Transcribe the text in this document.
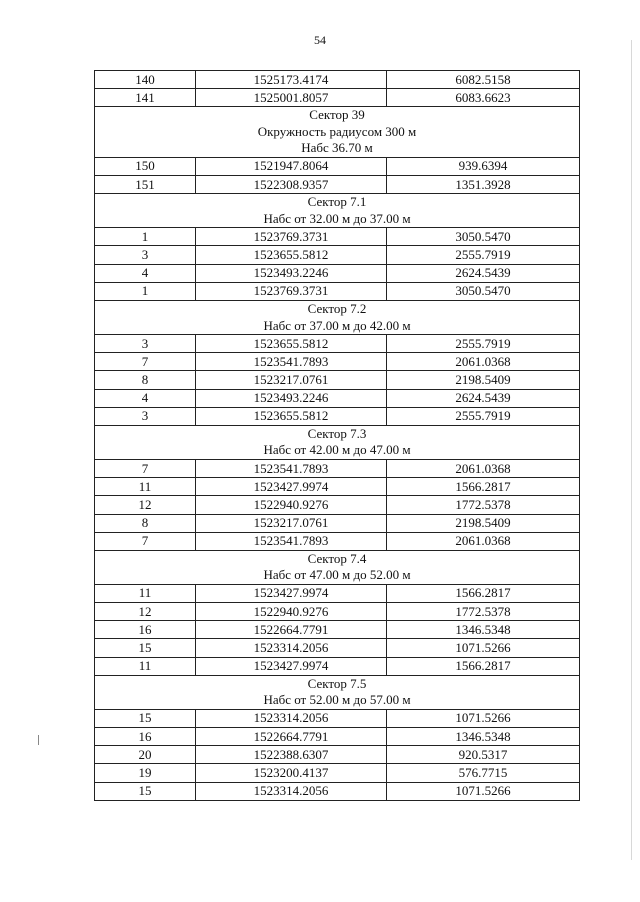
54
140	1525173.4174	6082.5158
141	1525001.8057	6083.6623

Сектор 39
Окружность радиусом 300 м
Набс 36.70 м		

150	1521947.8064	939.6394
151	1522308.9357	1351.3928

Сектор 7.1
Набс от 32.00 м до 37.00 м		

1	1523769.3731	3050.5470
3	1523655.5812	2555.7919
4	1523493.2246	2624.5439
1	1523769.3731	3050.5470

Сектор 7.2
Набс от 37.00 м до 42.00 м		

3	1523655.5812	2555.7919
7	1523541.7893	2061.0368
8	1523217.0761	2198.5409
4	1523493.2246	2624.5439
3	1523655.5812	2555.7919

Сектор 7.3
Набс от 42.00 м до 47.00 м		

7	1523541.7893	2061.0368
11	1523427.9974	1566.2817
12	1522940.9276	1772.5378
8	1523217.0761	2198.5409
7	1523541.7893	2061.0368

Сектор 7.4
Набс от 47.00 м до 52.00 м		

11	1523427.9974	1566.2817
12	1522940.9276	1772.5378
16	1522664.7791	1346.5348
15	1523314.2056	1071.5266
11	1523427.9974	1566.2817

Сектор 7.5
Набс от 52.00 м до 57.00 м		

15	1523314.2056	1071.5266
16	1522664.7791	1346.5348
20	1522388.6307	920.5317
19	1523200.4137	576.7715
15	1523314.2056	1071.5266
